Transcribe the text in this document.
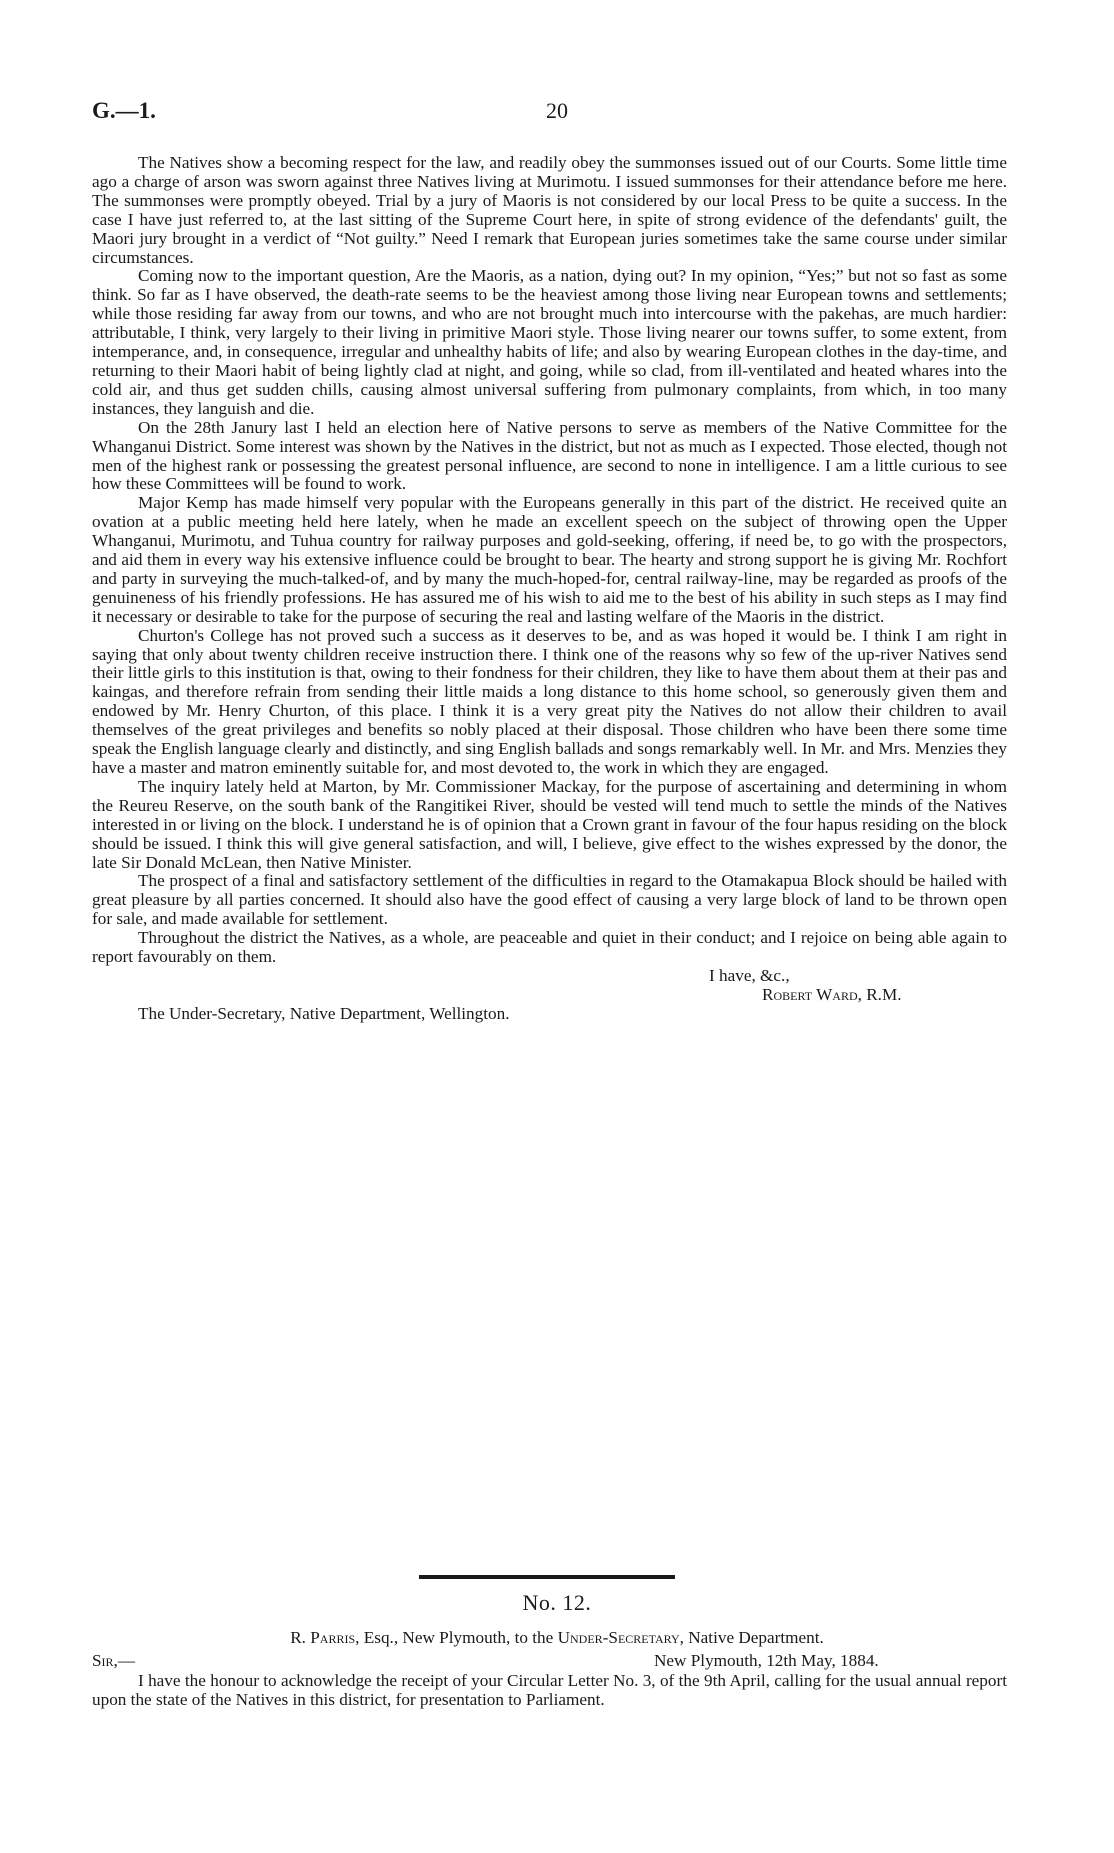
G.—1.	20

The Natives show a becoming respect for the law, and readily obey the summonses issued out of our Courts. Some little time ago a charge of arson was sworn against three Natives living at Murimotu. I issued summonses for their attendance before me here. The summonses were promptly obeyed. Trial by a jury of Maoris is not considered by our local Press to be quite a success. In the case I have just referred to, at the last sitting of the Supreme Court here, in spite of strong evidence of the defendants' guilt, the Maori jury brought in a verdict of “Not guilty.” Need I remark that European juries sometimes take the same course under similar circumstances.

Coming now to the important question, Are the Maoris, as a nation, dying out? In my opinion, “Yes;” but not so fast as some think. So far as I have observed, the death-rate seems to be the heaviest among those living near European towns and settlements; while those residing far away from our towns, and who are not brought much into intercourse with the pakehas, are much hardier: attributable, I think, very largely to their living in primitive Maori style. Those living nearer our towns suffer, to some extent, from intemperance, and, in consequence, irregular and unhealthy habits of life; and also by wearing European clothes in the day-time, and returning to their Maori habit of being lightly clad at night, and going, while so clad, from ill-ventilated and heated whares into the cold air, and thus get sudden chills, causing almost universal suffering from pulmonary complaints, from which, in too many instances, they languish and die.

On the 28th Janury last I held an election here of Native persons to serve as members of the Native Committee for the Whanganui District. Some interest was shown by the Natives in the district, but not as much as I expected. Those elected, though not men of the highest rank or possessing the greatest personal influence, are second to none in intelligence. I am a little curious to see how these Committees will be found to work.

Major Kemp has made himself very popular with the Europeans generally in this part of the district. He received quite an ovation at a public meeting held here lately, when he made an excellent speech on the subject of throwing open the Upper Whanganui, Murimotu, and Tuhua country for railway purposes and gold-seeking, offering, if need be, to go with the prospectors, and aid them in every way his extensive influence could be brought to bear. The hearty and strong support he is giving Mr. Rochfort and party in surveying the much-talked-of, and by many the much-hoped-for, central railway-line, may be regarded as proofs of the genuineness of his friendly professions. He has assured me of his wish to aid me to the best of his ability in such steps as I may find it necessary or desirable to take for the purpose of securing the real and lasting welfare of the Maoris in the district.

Churton's College has not proved such a success as it deserves to be, and as was hoped it would be. I think I am right in saying that only about twenty children receive instruction there. I think one of the reasons why so few of the up-river Natives send their little girls to this institution is that, owing to their fondness for their children, they like to have them about them at their pas and kaingas, and therefore refrain from sending their little maids a long distance to this home school, so generously given them and endowed by Mr. Henry Churton, of this place. I think it is a very great pity the Natives do not allow their children to avail themselves of the great privileges and benefits so nobly placed at their disposal. Those children who have been there some time speak the English language clearly and distinctly, and sing English ballads and songs remarkably well. In Mr. and Mrs. Menzies they have a master and matron eminently suitable for, and most devoted to, the work in which they are engaged.

The inquiry lately held at Marton, by Mr. Commissioner Mackay, for the purpose of ascertaining and determining in whom the Reureu Reserve, on the south bank of the Rangitikei River, should be vested will tend much to settle the minds of the Natives interested in or living on the block. I understand he is of opinion that a Crown grant in favour of the four hapus residing on the block should be issued. I think this will give general satisfaction, and will, I believe, give effect to the wishes expressed by the donor, the late Sir Donald McLean, then Native Minister.

The prospect of a final and satisfactory settlement of the difficulties in regard to the Otamakapua Block should be hailed with great pleasure by all parties concerned. It should also have the good effect of causing a very large block of land to be thrown open for sale, and made available for settlement.

Throughout the district the Natives, as a whole, are peaceable and quiet in their conduct; and I rejoice on being able again to report favourably on them.

I have, &c.,

Robert Ward, R.M.

The Under-Secretary, Native Department, Wellington.

No. 12.
R. Parris, Esq., New Plymouth, to the Under-Secretary, Native Department.
Sir,—	New Plymouth, 12th May, 1884.

I have the honour to acknowledge the receipt of your Circular Letter No. 3, of the 9th April, calling for the usual annual report upon the state of the Natives in this district, for presentation to Parliament.
